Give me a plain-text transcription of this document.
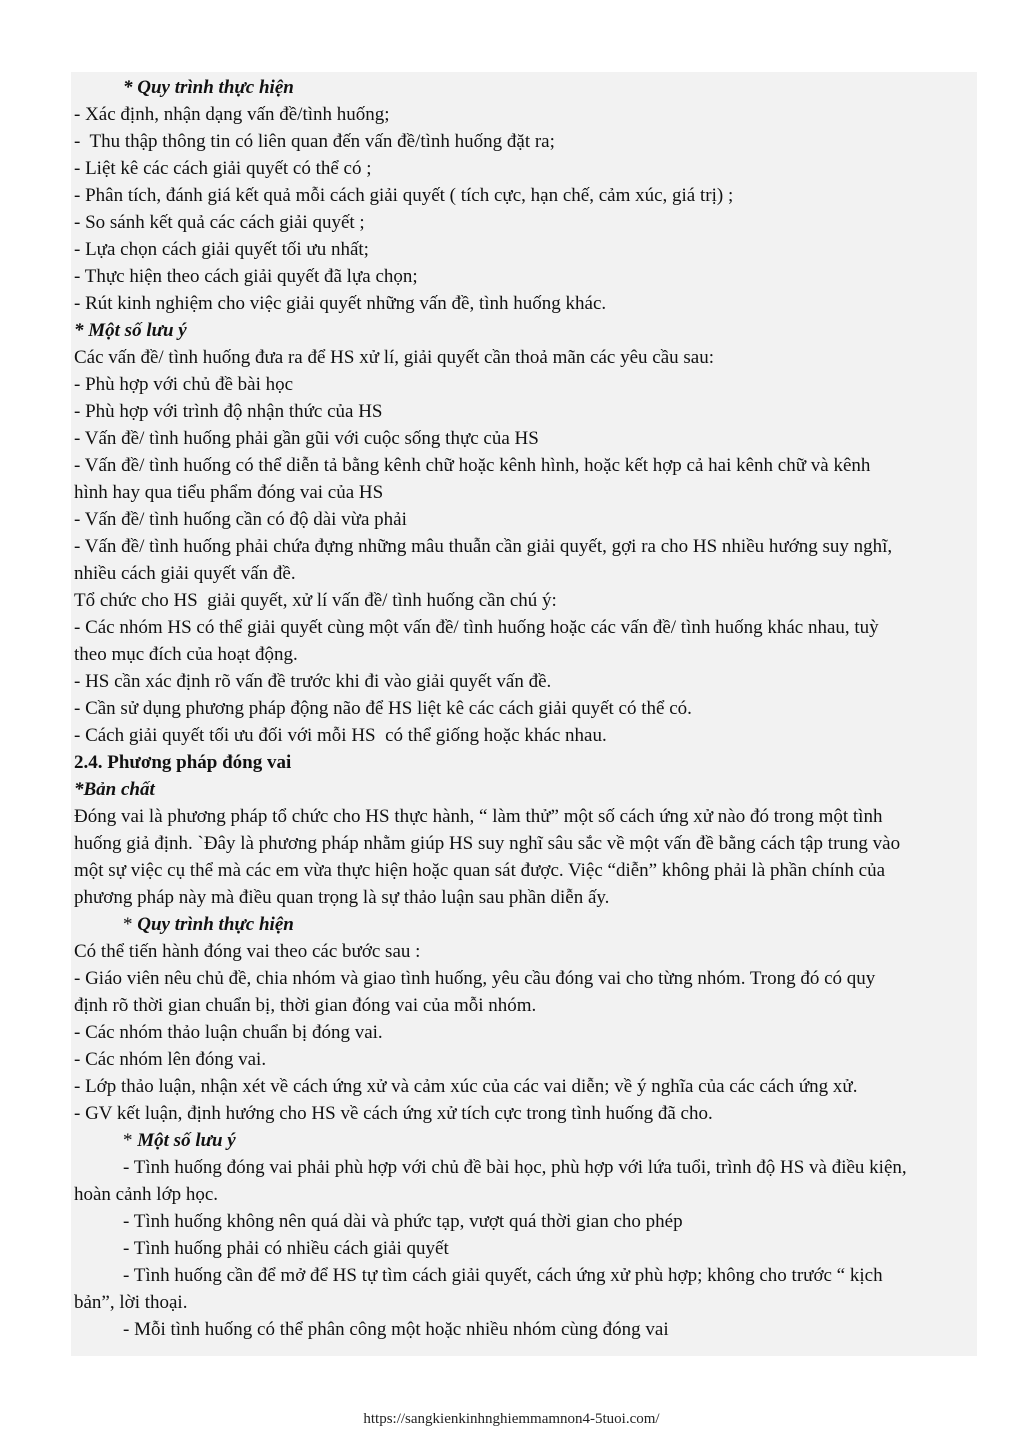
* Quy trình thực hiện

- Xác định, nhận dạng vấn đề/tình huống;

-  Thu thập thông tin có liên quan đến vấn đề/tình huống đặt ra;

- Liệt kê các cách giải quyết có thể có ;

- Phân tích, đánh giá kết quả mỗi cách giải quyết ( tích cực, hạn chế, cảm xúc, giá trị) ;

- So sánh kết quả các cách giải quyết ;

- Lựa chọn cách giải quyết tối ưu nhất;

- Thực hiện theo cách giải quyết đã lựa chọn;

- Rút kinh nghiệm cho việc giải quyết những vấn đề, tình huống khác.

* Một số lưu ý

Các vấn đề/ tình huống đưa ra để HS xử lí, giải quyết cần thoả mãn các yêu cầu sau:

- Phù hợp với chủ đề bài học

- Phù hợp với trình độ nhận thức của HS

- Vấn đề/ tình huống phải gần gũi với cuộc sống thực của HS

- Vấn đề/ tình huống có thể diễn tả bằng kênh chữ hoặc kênh hình, hoặc kết hợp cả hai kênh chữ và kênh

hình hay qua tiểu phẩm đóng vai của HS

- Vấn đề/ tình huống cần có độ dài vừa phải

- Vấn đề/ tình huống phải chứa đựng những mâu thuẫn cần giải quyết, gợi ra cho HS nhiều hướng suy nghĩ,

nhiều cách giải quyết vấn đề.

Tổ chức cho HS  giải quyết, xử lí vấn đề/ tình huống cần chú ý:

- Các nhóm HS có thể giải quyết cùng một vấn đề/ tình huống hoặc các vấn đề/ tình huống khác nhau, tuỳ

theo mục đích của hoạt động.

- HS cần xác định rõ vấn đề trước khi đi vào giải quyết vấn đề.

- Cần sử dụng phương pháp động não để HS liệt kê các cách giải quyết có thể có.

- Cách giải quyết tối ưu đối với mỗi HS  có thể giống hoặc khác nhau.

2.4. Phương pháp đóng vai

*Bản chất

Đóng vai là phương pháp tổ chức cho HS thực hành, “ làm thử” một số cách ứng xử nào đó trong một tình

huống giả định. `Đây là phương pháp nhằm giúp HS suy nghĩ sâu sắc về một vấn đề bằng cách tập trung vào

một sự việc cụ thể mà các em vừa thực hiện hoặc quan sát được. Việc “diễn” không phải là phần chính của

phương pháp này mà điều quan trọng là sự thảo luận sau phần diễn ấy.

* Quy trình thực hiện

Có thể tiến hành đóng vai theo các bước sau :

- Giáo viên nêu chủ đề, chia nhóm và giao tình huống, yêu cầu đóng vai cho từng nhóm. Trong đó có quy

định rõ thời gian chuẩn bị, thời gian đóng vai của mỗi nhóm.

- Các nhóm thảo luận chuẩn bị đóng vai.

- Các nhóm lên đóng vai.

- Lớp thảo luận, nhận xét về cách ứng xử và cảm xúc của các vai diễn; về ý nghĩa của các cách ứng xử.

- GV kết luận, định hướng cho HS về cách ứng xử tích cực trong tình huống đã cho.

* Một số lưu ý

- Tình huống đóng vai phải phù hợp với chủ đề bài học, phù hợp với lứa tuổi, trình độ HS và điều kiện,

hoàn cảnh lớp học.

- Tình huống không nên quá dài và phức tạp, vượt quá thời gian cho phép

- Tình huống phải có nhiều cách giải quyết

- Tình huống cần để mở để HS tự tìm cách giải quyết, cách ứng xử phù hợp; không cho trước “ kịch

bản”, lời thoại.

- Mỗi tình huống có thể phân công một hoặc nhiều nhóm cùng đóng vai

https://sangkienkinhnghiemmamnon4-5tuoi.com/
